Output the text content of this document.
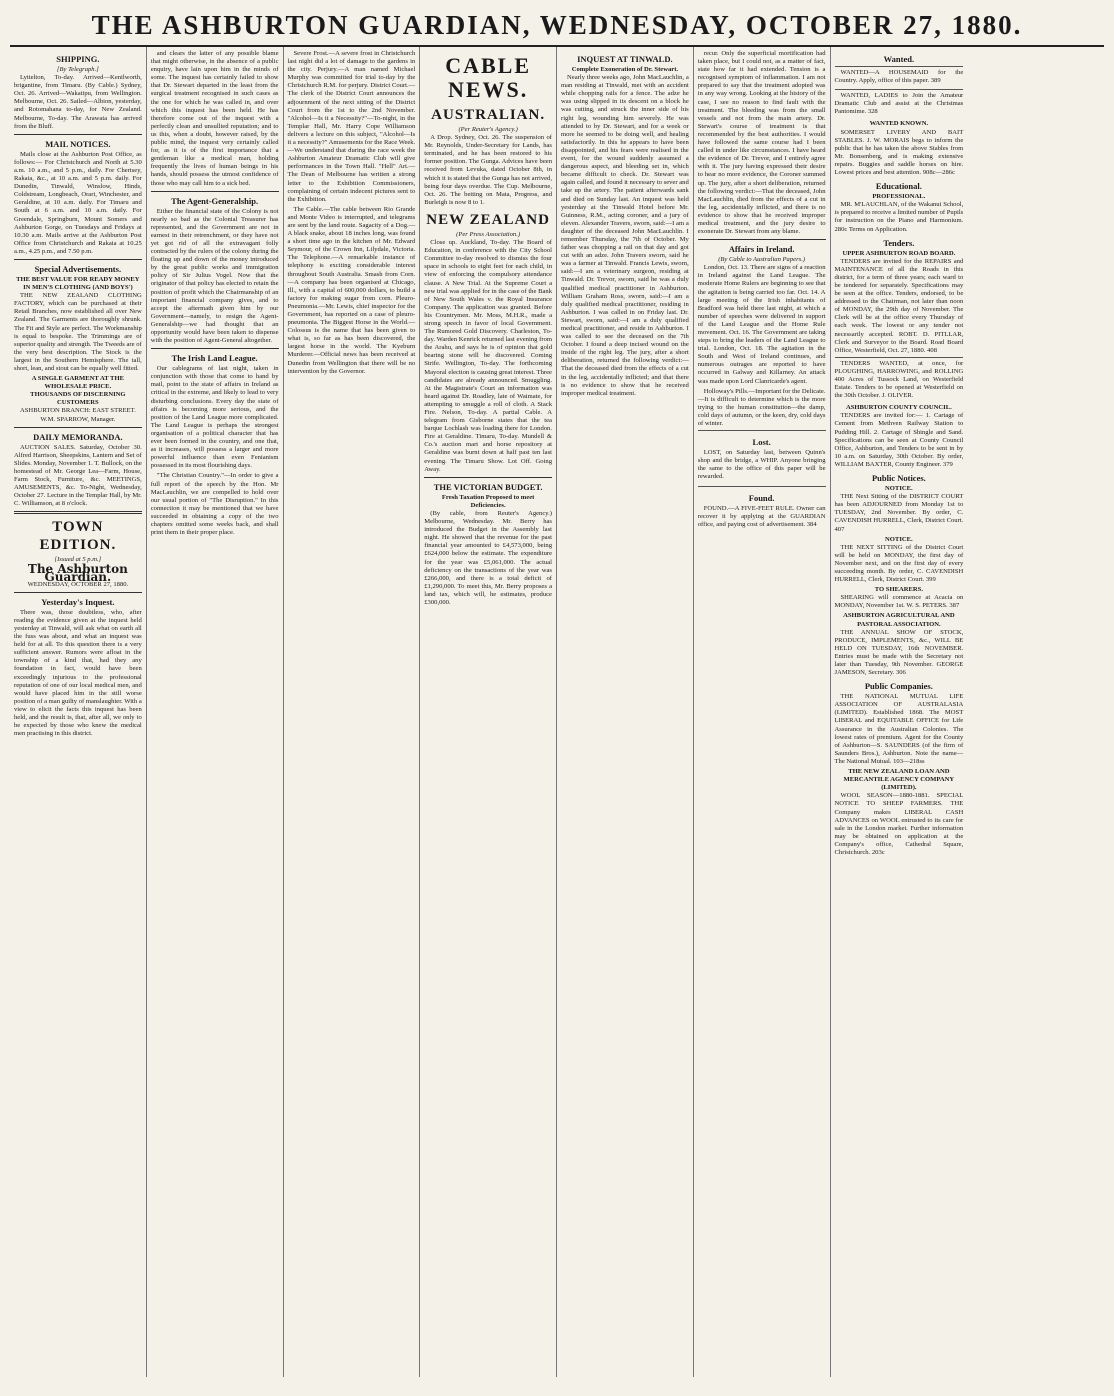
THE ASHBURTON GUARDIAN, WEDNESDAY, OCTOBER 27, 1880.
SHIPPING.
[By Telegraph.]

Lyttelton, To-day. Arrived—Kenilworth, brigantine, from Timaru. (By Cable.) Sydney, Oct. 26. Arrived—Wakatipu, from Wellington. Melbourne, Oct. 26. Sailed—Albion, yesterday, and Rotomahana to-day, for New Zealand. Melbourne, To-day. The Arawata has arrived from the Bluff.

MAIL NOTICES.

Mails close at the Ashburton Post Office, as follows:— For Christchurch and North at 5.30 a.m. 10 a.m., and 5 p.m., daily. For Chertsey, Rakaia, &c., at 10 a.m. and 5 p.m. daily. For Dunedin, Tinwald, Winslow, Hinds, Coldstream, Longbeach, Orari, Winchester, and Geraldine, at 10 a.m. daily. For Timaru and South at 6 a.m. and 10 a.m. daily. For Greendale, Springburn, Mount Somers and Ashburton Gorge, on Tuesdays and Fridays at 10.30 a.m. Mails arrive at the Ashburton Post Office from Christchurch and Rakaia at 10.25 a.m., 4.25 p.m., and 7.50 p.m.

Special Advertisements.
THE BEST VALUE FOR READY MONEY IN MEN'S CLOTHING (AND BOYS')

THE NEW ZEALAND CLOTHING FACTORY, which can be purchased at their Retail Branches, now established all over New Zealand. The Garments are thoroughly shrunk. The Fit and Style are perfect. The Workmanship is equal to bespoke. The Trimmings are of superior quality and strength. The Tweeds are of the very best description. The Stock is the largest in the Southern Hemisphere. The tall, short, lean, and stout can be equally well fitted.

A SINGLE GARMENT AT THE WHOLESALE PRICE.
THOUSANDS OF DISCERNING CUSTOMERS
ASHBURTON BRANCH: EAST STREET. W.M. SPARROW, Manager.
DAILY MEMORANDA.

AUCTION SALES. Saturday, October 30. Alfred Harrison, Sheepskins, Lantern and Set of Slides. Monday, November 1. T. Bullock, on the homestead of Mr. George Lea—Farm, House, Farm Stock, Furniture, &c. MEETINGS, AMUSEMENTS, &c. To-Night, Wednesday, October 27. Lecture in the Templar Hall, by Mr. C. Williamson, at 8 o'clock.

TOWN EDITION.
[Issued at 5 p.m.]
The Ashburton Guardian.
WEDNESDAY, OCTOBER 27, 1880.
Yesterday's Inquest.

There was, those doubtless, who, after reading the evidence given at the inquest held yesterday at Tinwald, will ask what on earth all the fuss was about, and what an inquest was held for at all. To this question there is a very sufficient answer. Rumors were afloat in the township of a kind that, had they any foundation in fact, would have been exceedingly injurious to the professional reputation of one of our local medical men, and would have placed him in the still worse position of a man guilty of manslaughter. With a view to elicit the facts this inquest has been held, and the result is, that, after all, we only to be expected by those who knew the medical men practising in this district.

and clears the latter of any possible blame that might otherwise, in the absence of a public enquiry, have lain upon him in the minds of some. The inquest has certainly failed to show that Dr. Stewart departed in the least from the surgical treatment recognised in such cases as the one for which he was called in, and over which this inquest has been held. He has therefore come out of the inquest with a perfectly clean and unsullied reputation; and to us this, when a doubt, however raised, by the public mind, the inquest very certainly called for, as it is of the first importance that a gentleman like a medical man, holding frequently the lives of human beings in his hands, should possess the utmost confidence of those who may call him to a sick bed.

The Agent-Generalship.

Either the financial state of the Colony is not nearly so bad as the Colonial Treasurer has represented, and the Government are not in earnest in their retrenchment, or they have not yet got rid of all the extravagant folly contracted by the rulers of the colony during the floating up and down of the money introduced by the great public works and immigration policy of Sir Julius Vogel. Now that the originator of that policy has elected to retain the position of profit which the Chairmanship of an important financial company gives, and to accept the aftermath given him by our Government—namely, to resign the Agent-Generalship—we had thought that an opportunity would have been taken to dispense with the position of Agent-General altogether.

The Irish Land League.

Our cablegrams of last night, taken in conjunction with those that come to hand by mail, point to the state of affairs in Ireland as critical in the extreme, and likely to lead to very disturbing conclusions. Every day the state of affairs is becoming more serious, and the position of the Land League more complicated. The Land League is perhaps the strongest organisation of a political character that has ever been formed in the country, and one that, as it increases, will possess a larger and more powerful influence than even Fenianism possessed in its most flourishing days.

"The Christian Country."—In order to give a full report of the speech by the Hon. Mr MacLauchlin, we are compelled to hold over our usual portion of "The Disruption." In this connection it may be mentioned that we have succeeded in obtaining a copy of the two chapters omitted some weeks back, and shall print them in their proper place.

Severe Frost.—A severe frost in Christchurch last night did a lot of damage to the gardens in the city. Perjury.—A man named Michael Murphy was committed for trial to-day by the Christchurch R.M. for perjury. District Court.—The clerk of the District Court announces the adjournment of the next sitting of the District Court from the 1st to the 2nd November. "Alcohol—Is it a Necessity?"—To-night, in the Templar Hall, Mr. Harry Cope Williamson delivers a lecture on this subject, "Alcohol—Is it a necessity?" Amusements for the Race Week.—We understand that during the race week the Ashburton Amateur Dramatic Club will give performances in the Town Hall. "Hell" Art.—The Dean of Melbourne has written a strong letter to the Exhibition Commissioners, complaining of certain indecent pictures sent to the Exhibition.

The Cable.—The cable between Rio Grande and Monte Video is interrupted, and telegrams are sent by the land route. Sagacity of a Dog.—A black snake, about 18 inches long, was found a short time ago in the kitchen of Mr. Edward Seymour, of the Crown Inn, Lilydale, Victoria. The Telephone.—A remarkable instance of telephony is exciting considerable interest throughout South Australia. Smash from Corn.—A company has been organised at Chicago, Ill., with a capital of 600,000 dollars, to build a factory for making sugar from corn. Pleuro-Pneumonia.—Mr. Lewis, chief inspector for the Government, has reported on a case of pleuro-pneumonia. The Biggest Horse in the World.—Colossus is the name that has been given to what is, so far as has been discovered, the largest horse in the world. The Kyeburn Murderer.—Official news has been received at Dunedin from Wellington that there will be no intervention by the Governor.

CABLE NEWS.
AUSTRALIAN.
(Per Reuter's Agency.)

A Drop. Sydney, Oct. 26. The suspension of Mr. Reynolds, Under-Secretary for Lands, has terminated, and he has been restored to his former position. The Gunga. Advices have been received from Levuka, dated October 8th, in which it is stated that the Gunga has not arrived, being four days overdue. The Cup. Melbourne, Oct. 26. The betting on Mata, Progress, and Burleigh is now 8 to 1.

NEW ZEALAND
(Per Press Association.)

Close up. Auckland, To-day. The Board of Education, in conference with the City School Committee to-day resolved to dismiss the four space in schools to eight feet for each child, in view of enforcing the compulsory attendance clause. A New Trial. At the Supreme Court a new trial was applied for in the case of the Bank of New South Wales v. the Royal Insurance Company. The application was granted. Before his Countrymen. Mr. Moss, M.H.R., made a strong speech in favor of local Government. The Rumored Gold Discovery. Charleston, To-day. Warden Kenrick returned last evening from the Arahu, and says he is of opinion that gold bearing stone will be discovered. Coming Strife. Wellington, To-day. The forthcoming Mayoral election is causing great interest. Three candidates are already announced. Smuggling. At the Magistrate's Court an information was heard against Dr. Roadley, late of Waimate, for attempting to smuggle a roll of cloth. A Stack Fire. Nelson, To-day. A partial Cable. A telegram from Gisborne states that the tea barque Lochlash was loading there for London. Fire at Geraldine. Timaru, To-day. Mundell & Co.'s auction mart and horse repository at Geraldine was burnt down at half past ten last evening. The Timaru Show. Lot Off. Going Away.

THE VICTORIAN BUDGET.
Fresh Taxation Proposed to meet Deficiencies.

(By cable, from Reuter's Agency.) Melbourne, Wednesday. Mr. Berry has introduced the Budget in the Assembly last night. He showed that the revenue for the past financial year amounted to £4,573,000, being £624,000 below the estimate. The expenditure for the year was £5,061,000. The actual deficiency on the transactions of the year was £266,000, and there is a total deficit of £1,290,000. To meet this, Mr. Berry proposes a land tax, which will, he estimates, produce £300,000.

INQUEST AT TINWALD.
Complete Exoneration of Dr. Stewart.

Nearly three weeks ago, John MacLauchlin, a man residing at Tinwald, met with an accident while chopping rails for a fence. The adze he was using slipped in its descent on a block he was cutting, and struck the inner side of his right leg, wounding him severely. He was attended to by Dr. Stewart, and for a week or more he seemed to be doing well, and healing satisfactorily. In this he appears to have been disappointed, and his fears were realised in the event, for the wound suddenly assumed a dangerous aspect, and bleeding set in, which became difficult to check. Dr. Stewart was again called, and found it necessary to sever and take up the artery. The patient afterwards sank and died on Sunday last. An inquest was held yesterday at the Tinwald Hotel before Mr. Guinness, R.M., acting coroner, and a jury of eleven. Alexander Travers, sworn, said:—I am a daughter of the deceased John MacLauchlin. I remember Thursday, the 7th of October. My father was chopping a rail on that day and got cut with an adze. John Travers sworn, said he was a farmer at Tinwald. Francis Lewis, sworn, said:—I am a veterinary surgeon, residing at Tinwald. Dr. Trevor, sworn, said he was a duly qualified medical practitioner in Ashburton. William Graham Ross, sworn, said:—I am a duly qualified medical practitioner, residing in Ashburton. I was called in on Friday last. Dr. Stewart, sworn, said:—I am a duly qualified medical practitioner, and reside in Ashburton. I was called to see the deceased on the 7th October. I found a deep incised wound on the inside of the right leg. The jury, after a short deliberation, returned the following verdict:—That the deceased died from the effects of a cut in the leg, accidentally inflicted; and that there is no evidence to show that he received improper medical treatment.

recur. Only the superficial mortification had taken place, but I could not, as a matter of fact, state how far it had extended. Tension is a recognised symptom of inflammation. I am not prepared to say that the treatment adopted was in any way wrong. Looking at the history of the case, I see no reason to find fault with the treatment. The bleeding was from the small vessels and not from the main artery. Dr. Stewart's course of treatment is that recommended by the best authorities. I would have followed the same course had I been called in under like circumstances. I have heard the evidence of Dr. Trevor, and I entirely agree with it. The jury having expressed their desire to hear no more evidence, the Coroner summed up. The jury, after a short deliberation, returned the following verdict:—That the deceased, John MacLauchlin, died from the effects of a cut in the leg, accidentally inflicted, and there is no evidence to show that he received improper medical treatment, and the jury desire to exonerate Dr. Stewart from any blame.

Affairs in Ireland.
(By Cable to Australian Papers.)

London, Oct. 13. There are signs of a reaction in Ireland against the Land League. The moderate Home Rulers are beginning to see that the agitation is being carried too far. Oct. 14. A large meeting of the Irish inhabitants of Bradford was held there last night, at which a number of speeches were delivered in support of the Land League and the Home Rule movement. Oct. 16. The Government are taking steps to bring the leaders of the Land League to trial. London, Oct. 18. The agitation in the South and West of Ireland continues, and numerous outrages are reported to have occurred in Galway and Killarney. An attack was made upon Lord Clanricarde's agent.

Holloway's Pills.—Important for the Delicate.—It is difficult to determine which is the more trying to the human constitution—the damp, cold days of autumn, or the keen, dry, cold days of winter.

Lost.

LOST, on Saturday last, between Quinn's shop and the bridge, a WHIP. Anyone bringing the same to the office of this paper will be rewarded.

Found.

FOUND.—A FIVE-FEET RULE. Owner can recover it by applying at the GUARDIAN office, and paying cost of advertisement. 384

Wanted.

WANTED—A HOUSEMAID for the Country. Apply, office of this paper. 389

WANTED, LADIES to Join the Amateur Dramatic Club and assist at the Christmas Pantomime. 328

WANTED KNOWN.

SOMERSET LIVERY AND BAIT STABLES. J. W. MORAIS begs to inform the public that he has taken the above Stables from Mr. Bonsenberg, and is making extensive repairs. Buggies and saddle horses on hire. Lowest prices and best attention. 908c—286c

Educational.
PROFESSIONAL.

MR. M'LAUCHLAN, of the Wakanui School, is prepared to receive a limited number of Pupils for instruction on the Piano and Harmonium. 280c Terms on Application.

Tenders.
UPPER ASHBURTON ROAD BOARD.

TENDERS are invited for the REPAIRS and MAINTENANCE of all the Roads in this district, for a term of three years; each ward to be tendered for separately. Specifications may be seen at the office. Tenders, endorsed, to be addressed to the Chairman, not later than noon of MONDAY, the 29th day of November. The Clerk will be at the office every Thursday of each week. The lowest or any tender not necessarily accepted. ROBT. D. PITLLAR, Clerk and Surveyor to the Board. Road Board Office, Westerfield, Oct. 27, 1880. 408

TENDERS WANTED, at once, for PLOUGHING, HARROWING, and ROLLING 400 Acres of Tussock Land, on Westerfield Estate. Tenders to be opened at Westerfield on the 30th October. J. OLIVER.

ASHBURTON COUNTY COUNCIL.

TENDERS are invited for:— 1. Cartage of Cement from Methven Railway Station to Pudding Hill. 2. Cartage of Shingle and Sand. Specifications can be seen at County Council Office, Ashburton, and Tenders to be sent in by 10 a.m. on Saturday, 30th October. By order, WILLIAM BAXTER, County Engineer. 379

Public Notices.
NOTICE.

THE Next Sitting of the DISTRICT COURT has been ADJOURNED from Monday 1st to TUESDAY, 2nd November. By order, C. CAVENDISH HURRELL, Clerk, District Court. 407

NOTICE.

THE NEXT SITTING of the District Court will be held on MONDAY, the first day of November next, and on the first day of every succeeding month. By order, C. CAVENDISH HURRELL, Clerk, District Court. 399

TO SHEARERS.

SHEARING will commence at Acacia on MONDAY, November 1st. W. S. PETERS. 387

ASHBURTON AGRICULTURAL AND PASTORAL ASSOCIATION.

THE ANNUAL SHOW OF STOCK, PRODUCE, IMPLEMENTS, &c., WILL BE HELD ON TUESDAY, 16th NOVEMBER. Entries must be made with the Secretary not later than Tuesday, 9th November. GEORGE JAMESON, Secretary. 306

Public Companies.

THE NATIONAL MUTUAL LIFE ASSOCIATION OF AUSTRALASIA (LIMITED). Established 1868. The MOST LIBERAL and EQUITABLE OFFICE for Life Assurance in the Australian Colonies. The lowest rates of premium. Agent for the County of Ashburton—S. SAUNDERS (of the firm of Saunders Bros.), Ashburton. Note the name—The National Mutual. 103—218ss

THE NEW ZEALAND LOAN AND MERCANTILE AGENCY COMPANY (LIMITED).

WOOL SEASON—1880-1881. SPECIAL NOTICE TO SHEEP FARMERS. THE Company makes LIBERAL CASH ADVANCES on WOOL entrusted to its care for sale in the London market. Further information may be obtained on application at the Company's office, Cathedral Square, Christchurch. 203c
